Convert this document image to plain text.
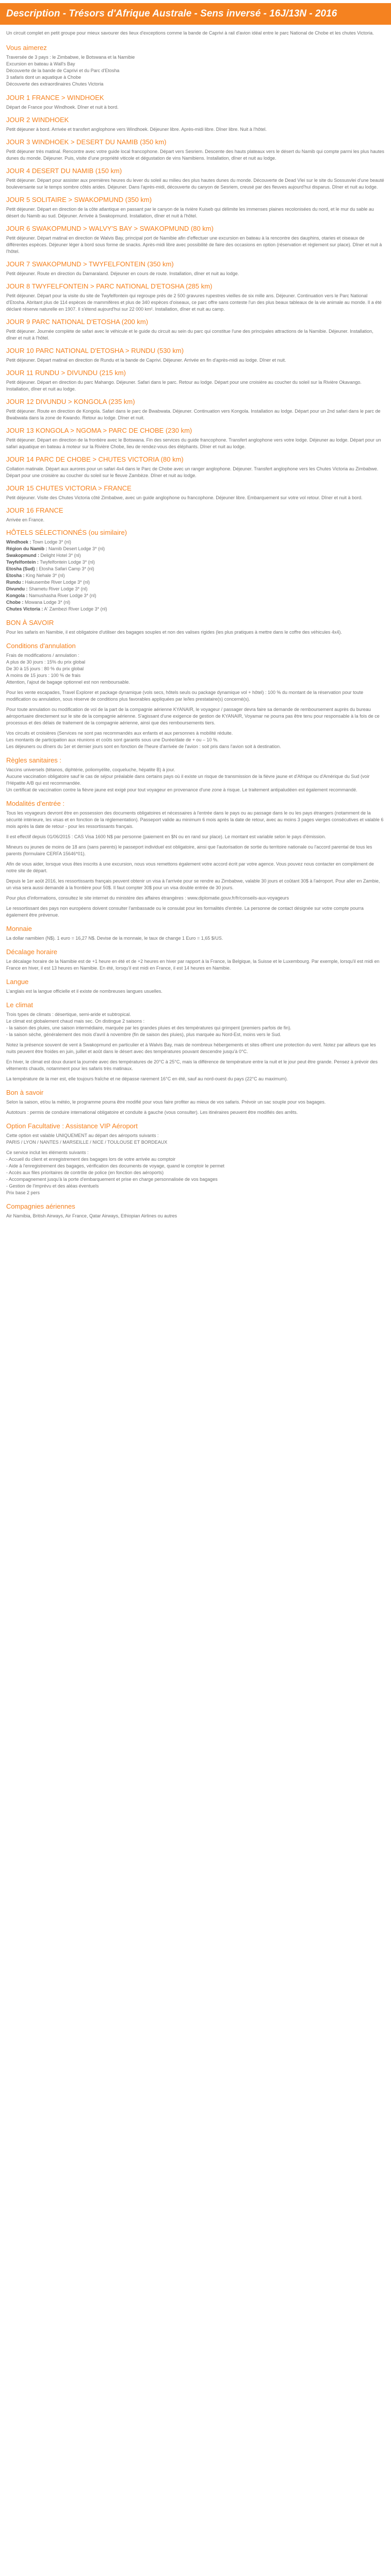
Description - Trésors d'Afrique Australe - Sens inversé - 16J/13N - 2016

Un circuit complet en petit groupe pour mieux savourer des lieux d'exceptions comme la bande de Caprivi à rail d'avion idéal entre le parc National de Chobe et les chutes Victoria.

Vous aimerez

Traversée de 3 pays : le Zimbabwe, le Botswana et la Namibie

Excursion en bateau à Wall's Bay

Découverte de la bande de Caprivi et du Parc d'Etosha

3 safaris dont un aquatique à Chobe

Découverte des extraordinaires Chutes Victoria

JOUR 1 FRANCE > WINDHOEK

Départ de France pour Windhoek. Dîner et nuit à bord.

JOUR 2 WINDHOEK

Petit déjeuner à bord. Arrivée et transfert anglophone vers Windhoek. Déjeuner libre. Après-midi libre. Dîner libre. Nuit à l'hôtel.

JOUR 3 WINDHOEK > DESERT DU NAMIB (350 km)

Petit déjeuner très matinal. Rencontre avec votre guide local francophone. Départ vers Sesriem. Descente des hauts plateaux vers le désert du Namib qui compte parmi les plus hautes dunes du monde. Déjeuner. Puis, visite d'une propriété viticole et dégustation de vins Namibiens. Installation, dîner et nuit au lodge.

JOUR 4 DESERT DU NAMIB (150 km)

Petit déjeuner. Départ pour assister aux premières heures du lever du soleil au milieu des plus hautes dunes du monde. Découverte de Dead Vlei sur le site du Sossusvlei d'une beauté bouleversante sur le temps sombre côtés arides. Déjeuner. Dans l'après-midi, découverte du canyon de Sesriem, creusé par des fleuves aujourd'hui disparus. Dîner et nuit au lodge.

JOUR 5 SOLITAIRE > SWAKOPMUND (350 km)

Petit déjeuner. Départ en direction de la côte atlantique en passant par le canyon de la rivière Kuiseb qui délimite les immenses plaines recolonisées du nord, et le mur du sable au désert du Namib au sud. Déjeuner. Arrivée à Swakopmund. Installation, dîner et nuit à l'hôtel.

JOUR 6 SWAKOPMUND > WALVY'S BAY > SWAKOPMUND (80 km)

Petit déjeuner. Départ matinal en direction de Walvis Bay, principal port de Namibie afin d'effectuer une excursion en bateau à la rencontre des dauphins, otaries et oiseaux de différentes espèces. Déjeuner léger à bord sous forme de snacks. Après-midi libre avec possibilité de faire des occasions en option (réservation et règlement sur place). Dîner et nuit à l'hôtel.

JOUR 7 SWAKOPMUND > TWYFELFONTEIN (350 km)

Petit déjeuner. Route en direction du Damaraland. Déjeuner en cours de route. Installation, dîner et nuit au lodge.

JOUR 8 TWYFELFONTEIN > PARC NATIONAL D'ETOSHA (285 km)

Petit déjeuner. Départ pour la visite du site de Twyfelfontein qui regroupe près de 2 500 gravures rupestres vieilles de six mille ans. Déjeuner. Continuation vers le Parc National d'Etosha. Abritant plus de 114 espèces de mammifères et plus de 340 espèces d'oiseaux, ce parc offre sans conteste l'un des plus beaux tableaux de la vie animale au monde. Il a été déclaré réserve naturelle en 1907. Il s'étend aujourd'hui sur 22 000 km². Installation, dîner et nuit au camp.

JOUR 9 PARC NATIONAL D'ETOSHA (200 km)

Petit déjeuner. Journée complète de safari avec le véhicule et le guide du circuit au sein du parc qui constitue l'une des principales attractions de la Namibie. Déjeuner. Installation, dîner et nuit à l'hôtel.

JOUR 10 PARC NATIONAL D'ETOSHA > RUNDU (530 km)

Petit déjeuner. Départ matinal en direction de Rundu et la bande de Caprivi. Déjeuner. Arrivée en fin d'après-midi au lodge. Dîner et nuit.

JOUR 11 RUNDU > DIVUNDU (215 km)

Petit déjeuner. Départ en direction du parc Mahango. Déjeuner. Safari dans le parc. Retour au lodge. Départ pour une croisière au coucher du soleil sur la Rivière Okavango. Installation, dîner et nuit au lodge.

JOUR 12 DIVUNDU > KONGOLA (235 km)

Petit déjeuner. Route en direction de Kongola. Safari dans le parc de Bwabwata. Déjeuner. Continuation vers Kongola. Installation au lodge. Départ pour un 2nd safari dans le parc de Bwabwata dans la zone de Kwando. Retour au lodge. Dîner et nuit.

JOUR 13 KONGOLA > NGOMA > PARC DE CHOBE (230 km)

Petit déjeuner. Départ en direction de la frontière avec le Botswana. Fin des services du guide francophone. Transfert anglophone vers votre lodge. Déjeuner au lodge. Départ pour un safari aquatique en bateau à moteur sur la Rivière Chobe, lieu de rendez-vous des éléphants. Dîner et nuit au lodge.

JOUR 14 PARC DE CHOBE > CHUTES VICTORIA (80 km)

Collation matinale. Départ aux aurores pour un safari 4x4 dans le Parc de Chobe avec un ranger anglophone. Déjeuner. Transfert anglophone vers les Chutes Victoria au Zimbabwe. Départ pour une croisière au coucher du soleil sur le fleuve Zambèze. Dîner et nuit au lodge.

JOUR 15 CHUTES VICTORIA > FRANCE

Petit déjeuner. Visite des Chutes Victoria côté Zimbabwe, avec un guide anglophone ou francophone. Déjeuner libre. Embarquement sur votre vol retour. Dîner et nuit à bord.

JOUR 16 FRANCE

Arrivée en France.

HÔTELS SÉLECTIONNÉS (ou similaire)

Windhoek : Town Lodge 3* (nl)

Région du Namib : Namib Desert Lodge 3* (nl)

Swakopmund : Delight Hotel 3* (nl)

Twyfelfontein : Twyfelfontein Lodge 3* (nl)

Etosha (Sud) : Etosha Safari Camp 3* (nl)

Etosha : King Nehale 3* (nl)

Rundu : Hakusembe River Lodge 3* (nl)

Divundu : Shametu River Lodge 3* (nl)

Kongola : Namushasha River Lodge 3* (nl)

Chobe : Mowana Lodge 3* (nl)

Chutes Victoria : A' Zambezi River Lodge 3* (nl)

BON À SAVOIR

Pour les safaris en Namibie, il est obligatoire d'utiliser des bagages souples et non des valises rigides (les plus pratiques à mettre dans le coffre des véhicules 4x4).

Conditions d'annulation

Frais de modifications / annulation :
A plus de 30 jours : 15% du prix global
De 30 à 15 jours : 80 % du prix global
A moins de 15 jours : 100 % de frais
Attention, l'ajout de bagage optionnel est non remboursable.

Pour les vente escapades, Travel Explorer et package dynamique (vols secs, hôtels seuls ou package dynamique vol + hôtel) : 100 % du montant de la réservation pour toute modification ou annulation, sous réserve de conditions plus favorables appliquées par le/les prestataire(s) concerné(s).

Pour toute annulation ou modification de vol de la part de la compagnie aérienne KYANAIR, le voyageur / passager devra faire sa demande de remboursement auprès du bureau aéroportuaire directement sur le site de la compagnie aérienne. S'agissant d'une exigence de gestion de KYANAIR, Voyamar ne pourra pas être tenu pour responsable à la fois de ce processus et des délais de traitement de la compagnie aérienne, ainsi que des remboursements tiers.

Vos circuits et croisières (Services ne sont pas recommandés aux enfants et aux personnes à mobilité réduite.
Les montants de participation aux réunions et coûts sont garantis sous une Durée/date de + ou – 10 %.
Les déjeuners ou dîners du 1er et dernier jours sont en fonction de l'heure d'arrivée de l'avion : soit pris dans l'avion soit à destination.

Règles sanitaires :

Vaccins universels (tétanos, diphtérie, poliomyélite, coqueluche, hépatite B) à jour.
Aucune vaccination obligatoire sauf le cas de séjour préalable dans certains pays où il existe un risque de transmission de la fièvre jaune et d'Afrique ou d'Amérique du Sud (voir l'Hépatite A/B qui est recommandée.
Un certificat de vaccination contre la fièvre jaune est exigé pour tout voyageur en provenance d'une zone à risque. Le traitement antipaludéen est également recommandé.

Modalités d'entrée :

Tous les voyageurs devront être en possession des documents obligatoires et nécessaires à l'entrée dans le pays ou au passage dans le ou les pays étrangers (notamment de la sécurité intérieure, les visas et en fonction de la réglementation). Passeport valide au minimum 6 mois après la date de retour, avec au moins 3 pages vierges consécutives et valable 6 mois après la date de retour - pour les ressortissants français.

Il est effectif depuis 01/06/2015 : CAS Visa 1600 N$ par personne (paiement en $N ou en rand sur place). Le montant est variable selon le pays d'émission.

Mineurs ou jeunes de moins de 18 ans (sans parents) le passeport individuel est obligatoire, ainsi que l'autorisation de sortie du territoire nationale ou l'accord parental de tous les parents (formulaire CERFA 15646*01).

Afin de vous aider, lorsque vous êtes inscrits à une excursion, nous vous remettons également votre accord écrit par votre agence. Vous pouvez nous contacter en complément de notre site de départ.

Depuis le 1er août 2016, les ressortissants français peuvent obtenir un visa à l'arrivée pour se rendre au Zimbabwe, valable 30 jours et coûtant 30$ à l'aéroport. Pour aller en Zambie, un visa sera aussi demandé à la frontière pour 50$. Il faut compter 30$ pour un visa double entrée de 30 jours.

Pour plus d'informations, consultez le site internet du ministère des affaires étrangères : www.diplomatie.gouv.fr/fr/conseils-aux-voyageurs

Le ressortissant des pays non européens doivent consulter l'ambassade ou le consulat pour les formalités d'entrée. La personne de contact désignée sur votre compte pourra également être prévenue.

Monnaie

La dollar namibien (N$). 1 euro = 16,27 N$. Devise de la monnaie, le taux de change 1 Euro = 1,65 $/US.

Décalage horaire

Le décalage horaire de la Namibie est de +1 heure en été et de +2 heures en hiver par rapport à la France, la Belgique, la Suisse et le Luxembourg. Par exemple, lorsqu'il est midi en France en hiver, il est 13 heures en Namibie. En été, lorsqu'il est midi en France, il est 14 heures en Namibie.

Langue

L'anglais est la langue officielle et il existe de nombreuses langues usuelles.

Le climat

Trois types de climats : désertique, semi-aride et subtropical.
Le climat est globalement chaud mais sec. On distingue 2 saisons :
- la saison des pluies, une saison intermédiaire, marquée par les grandes pluies et des températures qui grimpent (premiers parfois de fin).
- la saison sèche, généralement des mois d'avril à novembre (fin de saison des pluies), plus marquée au Nord-Est, moins vers le Sud.

Notez la présence souvent de vent à Swakopmund en particulier et à Walvis Bay, mais de nombreux hébergements et sites offrent une protection du vent. Notez par ailleurs que les nuits peuvent être froides en juin, juillet et août dans le désert avec des températures pouvant descendre jusqu'à 0°C.

En hiver, le climat est doux durant la journée avec des températures de 20°C à 25°C, mais la différence de température entre la nuit et le jour peut être grande. Pensez à prévoir des vêtements chauds, notamment pour les safaris très matinaux.

La température de la mer est, elle toujours fraîche et ne dépasse rarement 16°C en été, sauf au nord-ouest du pays (22°C au maximum).

Bon à savoir

Selon la saison, et/ou la météo, le programme pourra être modifié pour vous faire profiter au mieux de vos safaris. Prévoir un sac souple pour vos bagages.

Autotours : permis de conduire international obligatoire et conduite à gauche (vous consulter). Les itinéraires peuvent être modifiés des arrêts.

Option Facultative : Assistance VIP Aéroport

Cette option est valable UNIQUEMENT au départ des aéroports suivants :
PARIS / LYON / NANTES / MARSEILLE / NICE / TOULOUSE ET BORDEAUX

Ce service inclut les éléments suivants :
- Accueil du client et enregistrement des bagages lors de votre arrivée au comptoir
- Aide à l'enregistrement des bagages, vérification des documents de voyage, quand le comptoir le permet
- Accès aux files prioritaires de contrôle de police (en fonction des aéroports)
- Accompagnement jusqu'à la porte d'embarquement et prise en charge personnalisée de vos bagages
- Gestion de l'imprévu et des aléas éventuels
Prix base 2 pers

Compagnies aériennes

Air Namibia, British Airways, Air France, Qatar Airways, Ethiopian Airlines ou autres
